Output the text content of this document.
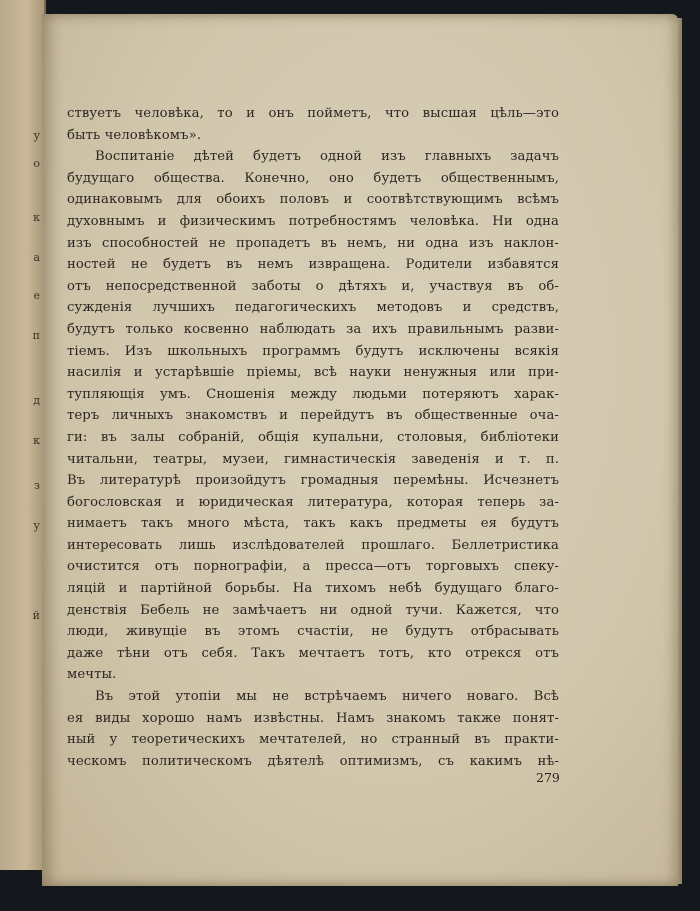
у
о
к
а
е
п
д
к
з
у
й
ствуетъ человѣка, то и онъ пойметъ, что высшая цѣль—это
быть человѣкомъ».
Воспитаніе дѣтей будетъ одной изъ главныхъ задачъ
будущаго общества. Конечно, оно будетъ общественнымъ,
одинаковымъ для обоихъ половъ и соотвѣтствующимъ всѣмъ
духовнымъ и физическимъ потребностямъ человѣка. Ни одна
изъ способностей не пропадетъ въ немъ, ни одна изъ наклон-
ностей не будетъ въ немъ извращена. Родители избавятся
отъ непосредственной заботы о дѣтяхъ и, участвуя въ об-
сужденія лучшихъ педагогическихъ методовъ и средствъ,
будутъ только косвенно наблюдать за ихъ правильнымъ разви-
тіемъ. Изъ школьныхъ программъ будутъ исключены всякія
насилія и устарѣвшіе пріемы, всѣ науки ненужныя или при-
тупляющія умъ. Сношенія между людьми потеряютъ харак-
теръ личныхъ знакомствъ и перейдутъ въ общественные оча-
ги: въ залы собраній, общія купальни, столовыя, библіотеки
читальни, театры, музеи, гимнастическія заведенія и т. п.
Въ литературѣ произойдутъ громадныя перемѣны. Исчезнетъ
богословская и юридическая литература, которая теперь за-
нимаетъ такъ много мѣста, такъ какъ предметы ея будутъ
интересовать лишь изслѣдователей прошлаго. Беллетристика
очистится отъ порнографіи, а пресса—отъ торговыхъ спеку-
ляцій и партійной борьбы. На тихомъ небѣ будущаго благо-
денствія Бебель не замѣчаетъ ни одной тучи. Кажется, что
люди, живущіе въ этомъ счастіи, не будутъ отбрасывать
даже тѣни отъ себя. Такъ мечтаетъ тотъ, кто отрекся отъ
мечты.
Въ этой утопіи мы не встрѣчаемъ ничего новаго. Всѣ
ея виды хорошо намъ извѣстны. Намъ знакомъ также понят-
ный у теоретическихъ мечтателей, но странный въ практи-
ческомъ политическомъ дѣятелѣ оптимизмъ, съ какимъ нѣ-
279
